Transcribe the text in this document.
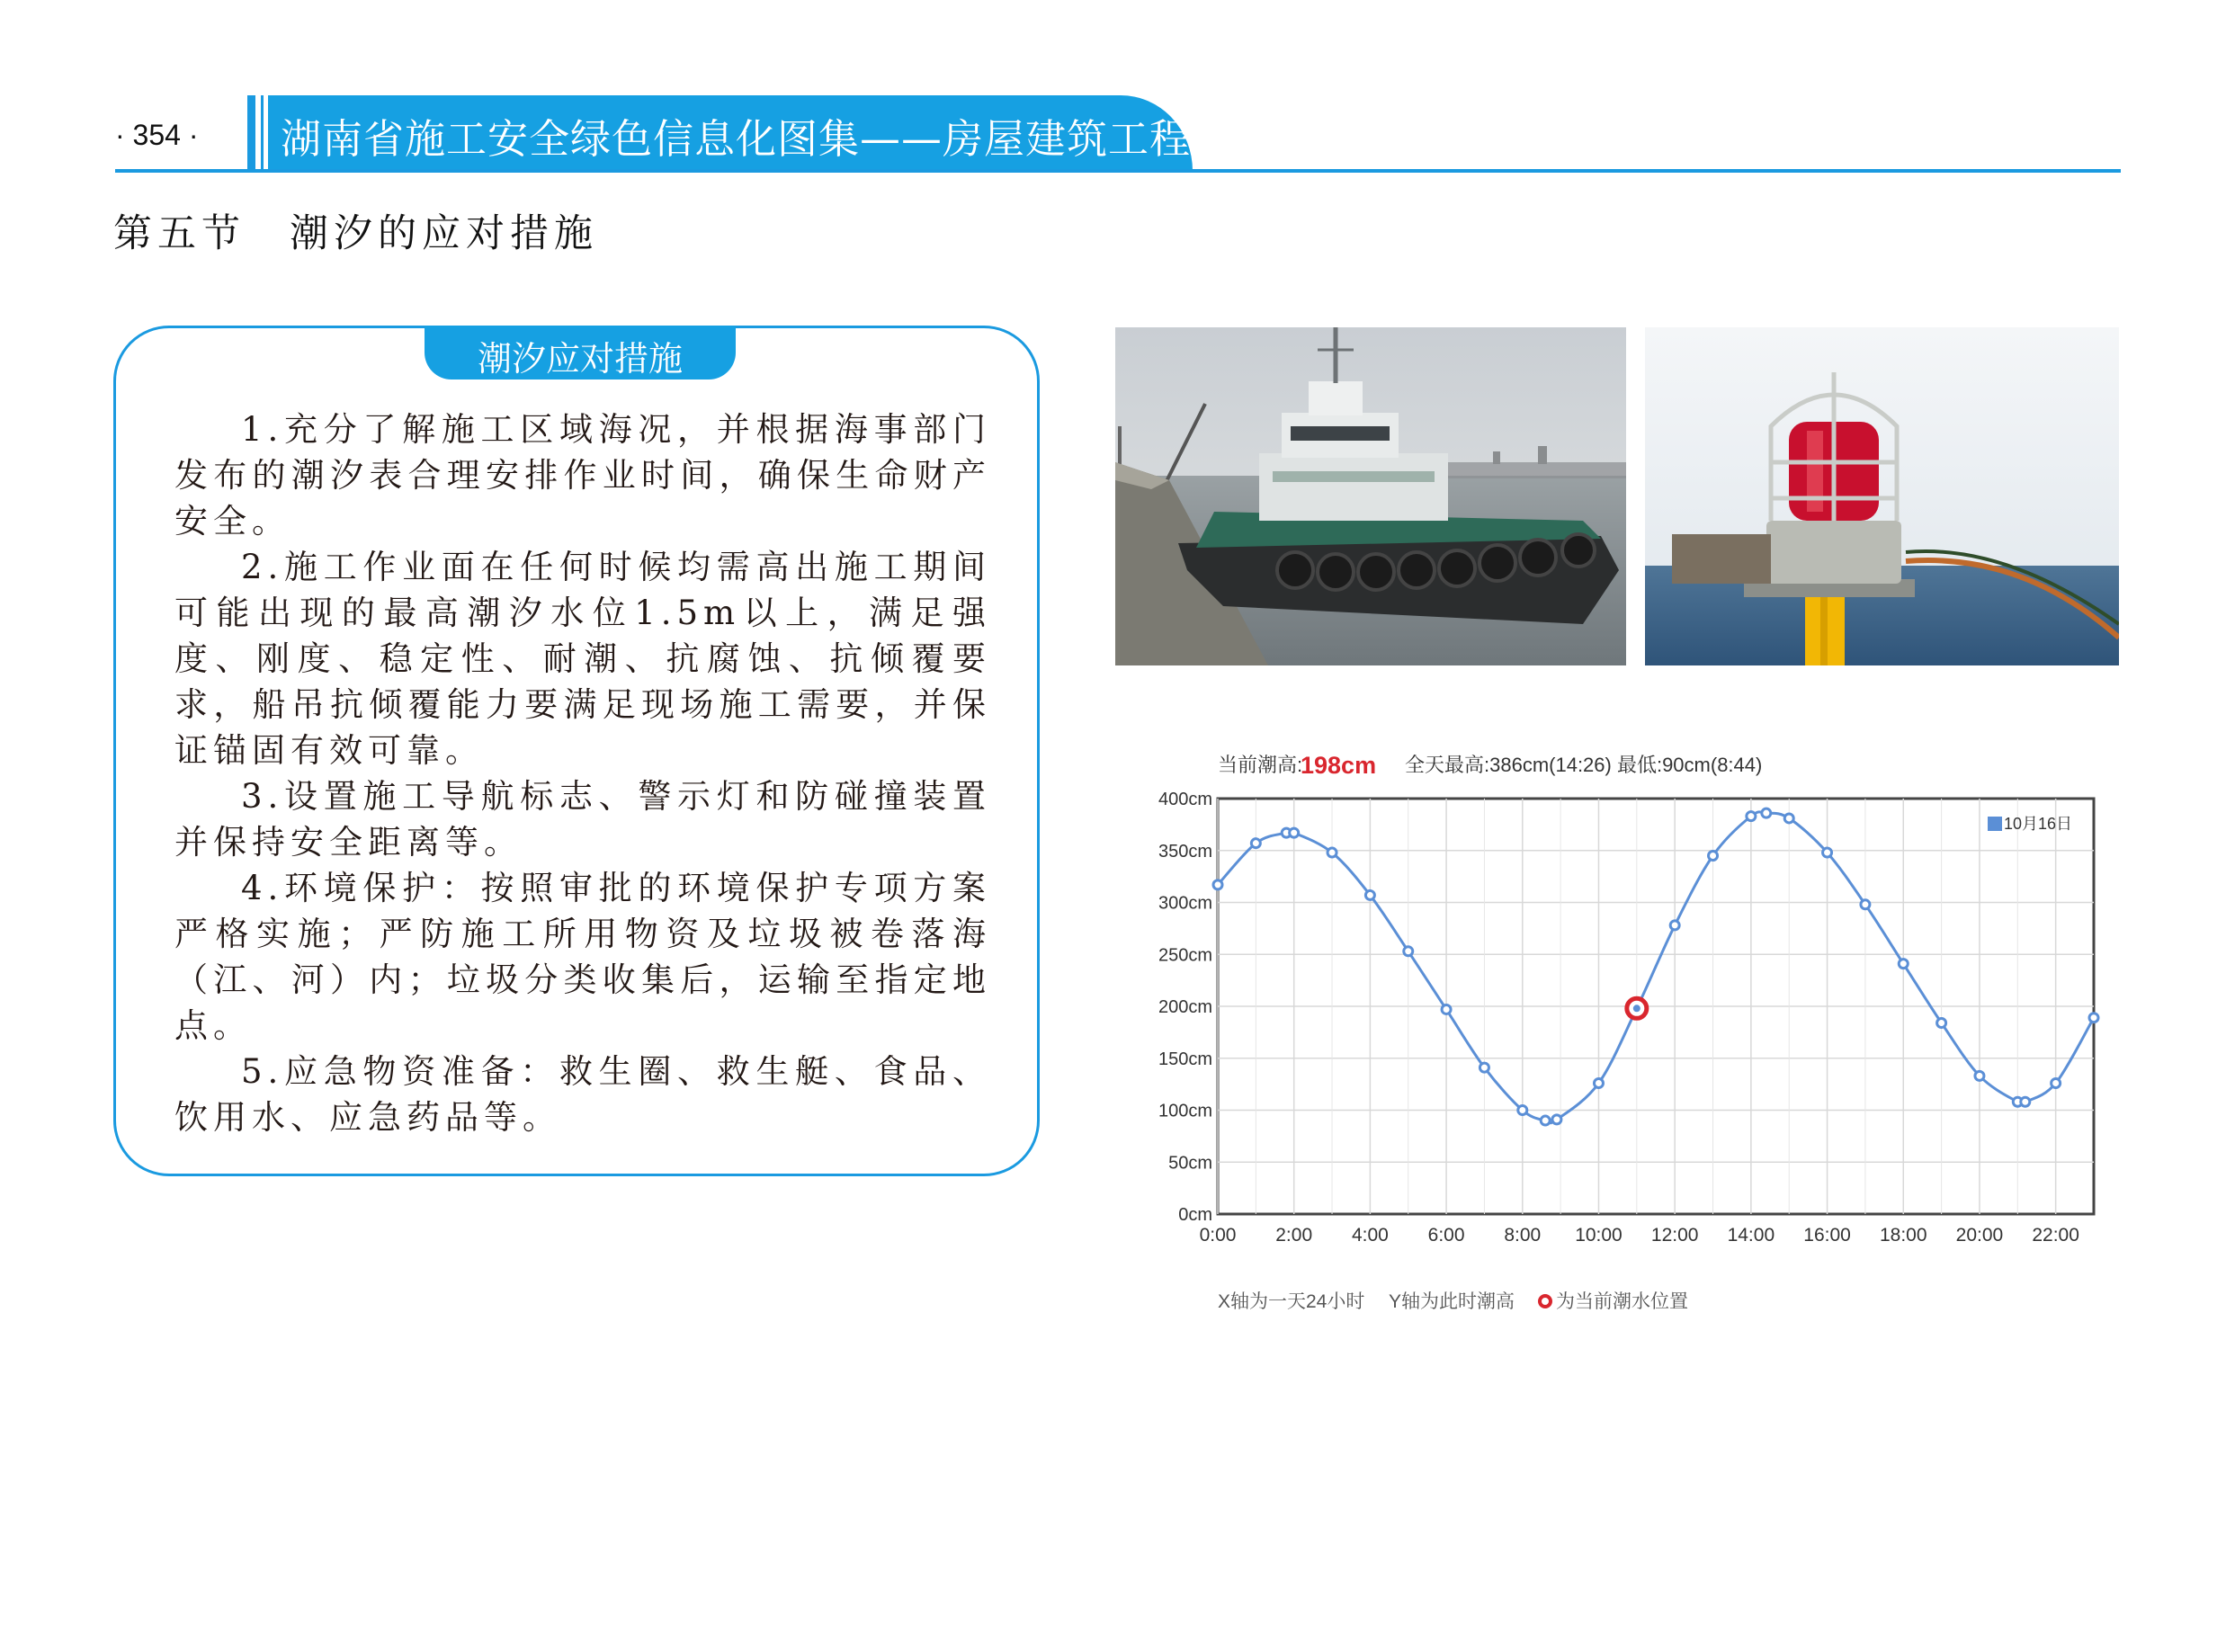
· 354 · 湖南省施工安全绿色信息化图集——房屋建筑工程
第五节　潮汐的应对措施
潮汐应对措施

1.充分了解施工区域海况，并根据海事部门发布的潮汐表合理安排作业时间，确保生命财产安全。

2.施工作业面在任何时候均需高出施工期间可能出现的最高潮汐水位1.5m以上，满足强度、刚度、稳定性、耐潮、抗腐蚀、抗倾覆要求，船吊抗倾覆能力要满足现场施工需要，并保证锚固有效可靠。

3.设置施工导航标志、警示灯和防碰撞装置并保持安全距离等。

4.环境保护：按照审批的环境保护专项方案严格实施；严防施工所用物资及垃圾被卷落海（江、河）内；垃圾分类收集后，运输至指定地点。

5.应急物资准备：救生圈、救生艇、食品、饮用水、应急药品等。

当前潮高:
198cm 全天最高:386cm(14:26) 最低:90cm(8:44)
0cm
50cm
100cm
150cm
200cm
250cm
300cm
350cm
400cm
0:00 2:00 4:00 6:00 8:00 10:00 12:00 14:00 16:00 18:00 20:00 22:00
10月16日
X轴为一天24小时 Y轴为此时潮高 为当前潮水位置
